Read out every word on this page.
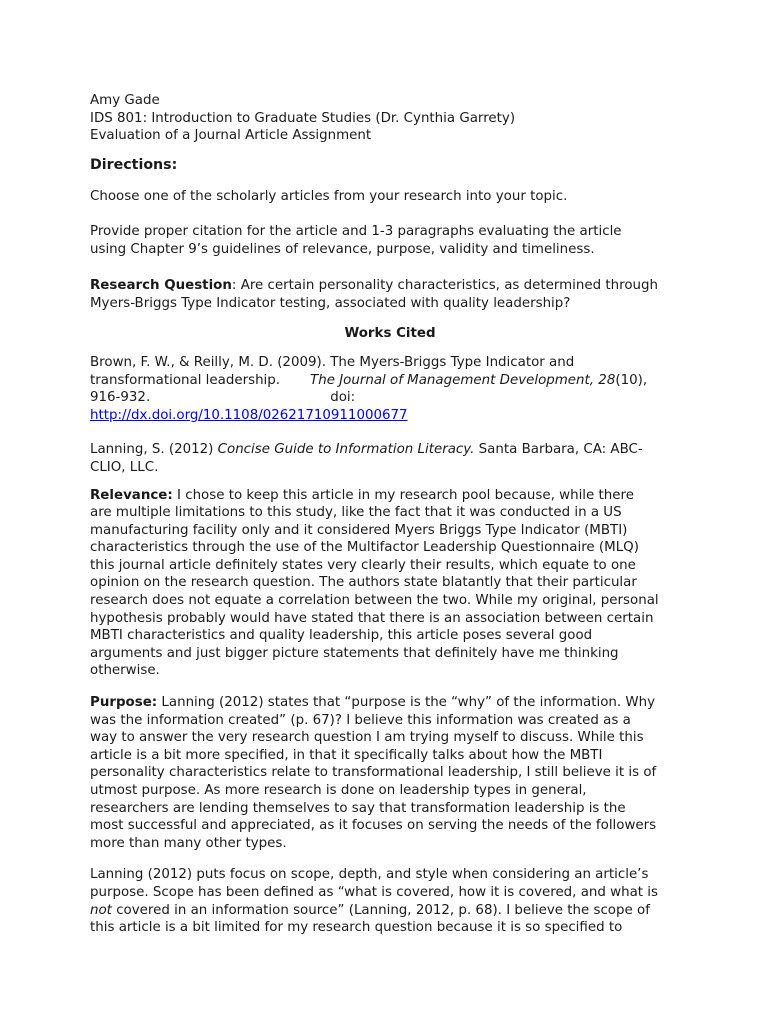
Amy Gade

IDS 801: Introduction to Graduate Studies (Dr. Cynthia Garrety)

Evaluation of a Journal Article Assignment

Directions:

Choose one of the scholarly articles from your research into your topic.

Provide proper citation for the article and 1-3 paragraphs evaluating the article

using Chapter 9’s guidelines of relevance, purpose, validity and timeliness.

Research Question: Are certain personality characteristics, as determined through

Myers-Briggs Type Indicator testing, associated with quality leadership?

Works Cited

Brown, F. W., & Reilly, M. D. (2009). The Myers-Briggs Type Indicator and

transformational leadership. The Journal of Management Development, 28(10),

916-932.	doi:

http://dx.doi.org/10.1108/02621710911000677

Lanning, S. (2012) Concise Guide to Information Literacy. Santa Barbara, CA: ABC-

CLIO, LLC.

Relevance: I chose to keep this article in my research pool because, while there

are multiple limitations to this study, like the fact that it was conducted in a US

manufacturing facility only and it considered Myers Briggs Type Indicator (MBTI)

characteristics through the use of the Multifactor Leadership Questionnaire (MLQ)

this journal article definitely states very clearly their results, which equate to one

opinion on the research question. The authors state blatantly that their particular

research does not equate a correlation between the two. While my original, personal

hypothesis probably would have stated that there is an association between certain

MBTI characteristics and quality leadership, this article poses several good

arguments and just bigger picture statements that definitely have me thinking

otherwise.

Purpose: Lanning (2012) states that “purpose is the “why” of the information. Why

was the information created” (p. 67)? I believe this information was created as a

way to answer the very research question I am trying myself to discuss. While this

article is a bit more specified, in that it specifically talks about how the MBTI

personality characteristics relate to transformational leadership, I still believe it is of

utmost purpose. As more research is done on leadership types in general,

researchers are lending themselves to say that transformation leadership is the

most successful and appreciated, as it focuses on serving the needs of the followers

more than many other types.

Lanning (2012) puts focus on scope, depth, and style when considering an article’s

purpose. Scope has been defined as “what is covered, how it is covered, and what is

not covered in an information source” (Lanning, 2012, p. 68). I believe the scope of

this article is a bit limited for my research question because it is so specified to
